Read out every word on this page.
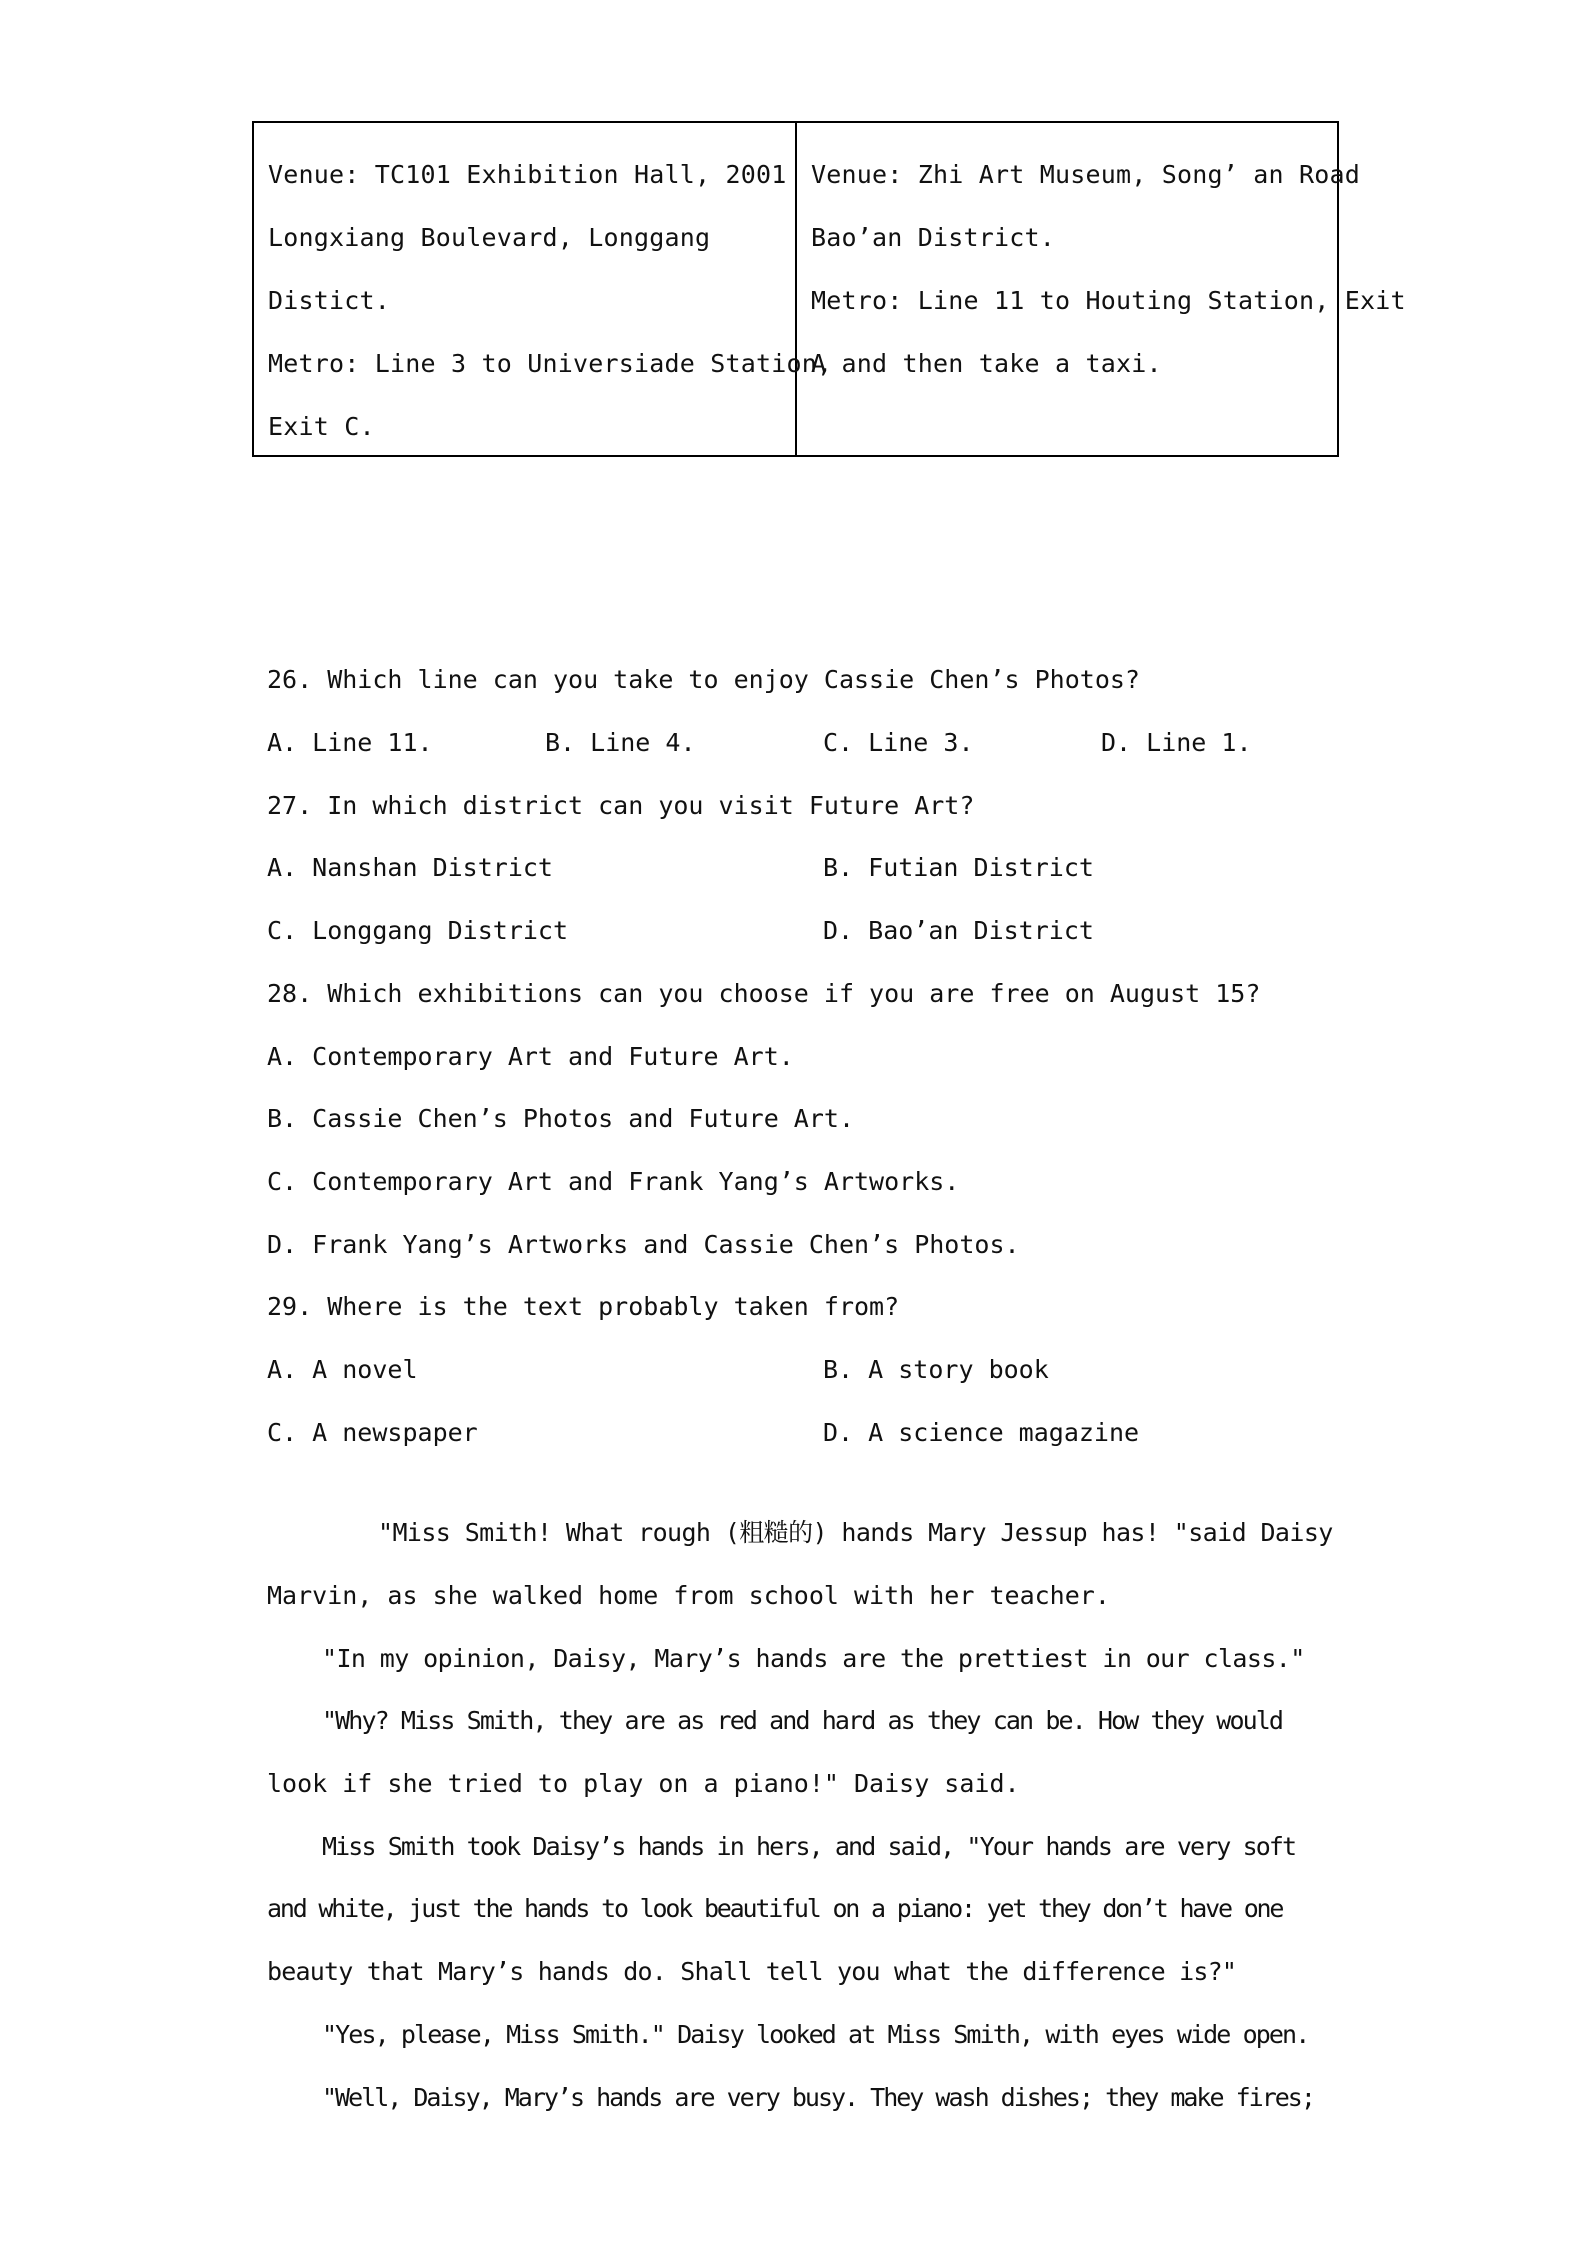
Venue: TC101 Exhibition Hall, 2001
Longxiang Boulevard, Longgang
Distict.
Metro: Line 3 to Universiade Station,
Exit C.
Venue: Zhi Art Museum, Song’ an Road
Bao’an District.
Metro: Line 11 to Houting Station, Exit
A and then take a taxi.
26. Which line can you take to enjoy Cassie Chen’s Photos?
A. Line 11.	B. Line 4.	C. Line 3.	D. Line 1.
27. In which district can you visit Future Art?
A. Nanshan District	B. Futian District
C. Longgang District	D. Bao’an District
28. Which exhibitions can you choose if you are free on August 15?
A. Contemporary Art and Future Art.
B. Cassie Chen’s Photos and Future Art.
C. Contemporary Art and Frank Yang’s Artworks.
D. Frank Yang’s Artworks and Cassie Chen’s Photos.
29. Where is the text probably taken from?
A. A novel	B. A story book
C. A newspaper	D. A science magazine
"Miss Smith! What rough (粗糙的) hands Mary Jessup has! "said Daisy
Marvin, as she walked home from school with her teacher.
"In my opinion, Daisy, Mary’s hands are the prettiest in our class."
"Why? Miss Smith, they are as red and hard as they can be. How they would
look if she tried to play on a piano!" Daisy said.
Miss Smith took Daisy’s hands in hers, and said, "Your hands are very soft
and white, just the hands to look beautiful on a piano: yet they don’t have one
beauty that Mary’s hands do. Shall tell you what the difference is?"
"Yes, please, Miss Smith." Daisy looked at Miss Smith, with eyes wide open.
"Well, Daisy, Mary’s hands are very busy. They wash dishes; they make fires;
